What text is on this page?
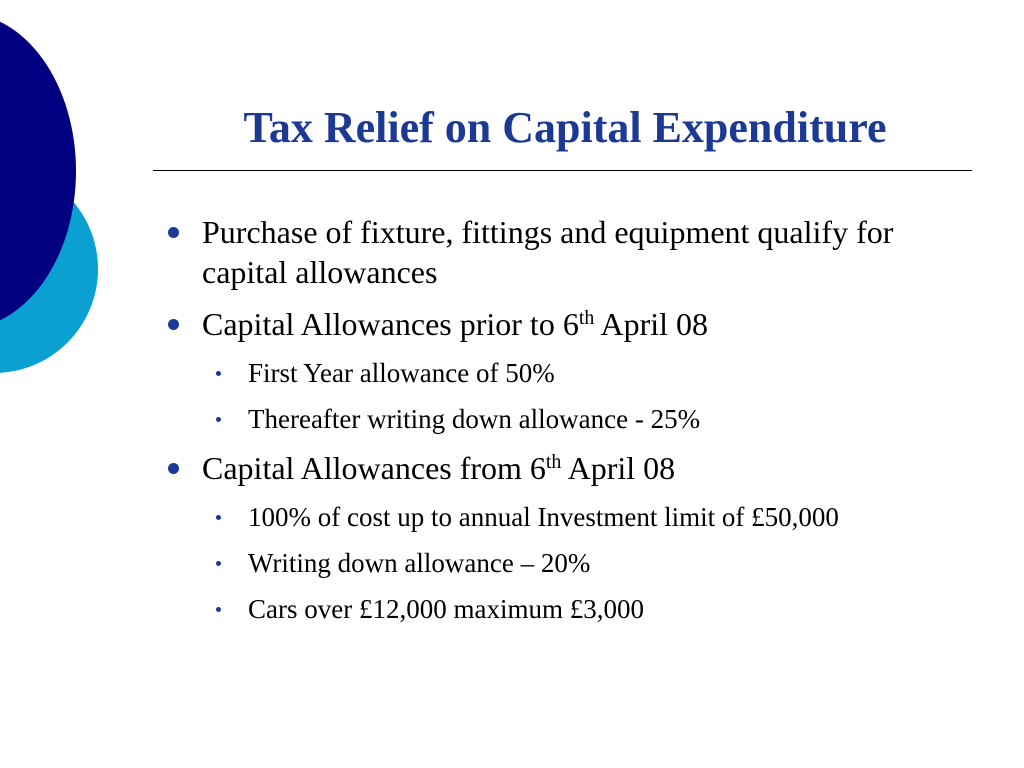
Tax Relief on Capital Expenditure
Purchase of fixture, fittings and equipment qualify for capital allowances
Capital Allowances prior to 6th April 08
First Year allowance of 50%
Thereafter writing down allowance - 25%
Capital Allowances from 6th April 08
100% of cost up to annual Investment limit of £50,000
Writing down allowance – 20%
Cars over £12,000 maximum £3,000
